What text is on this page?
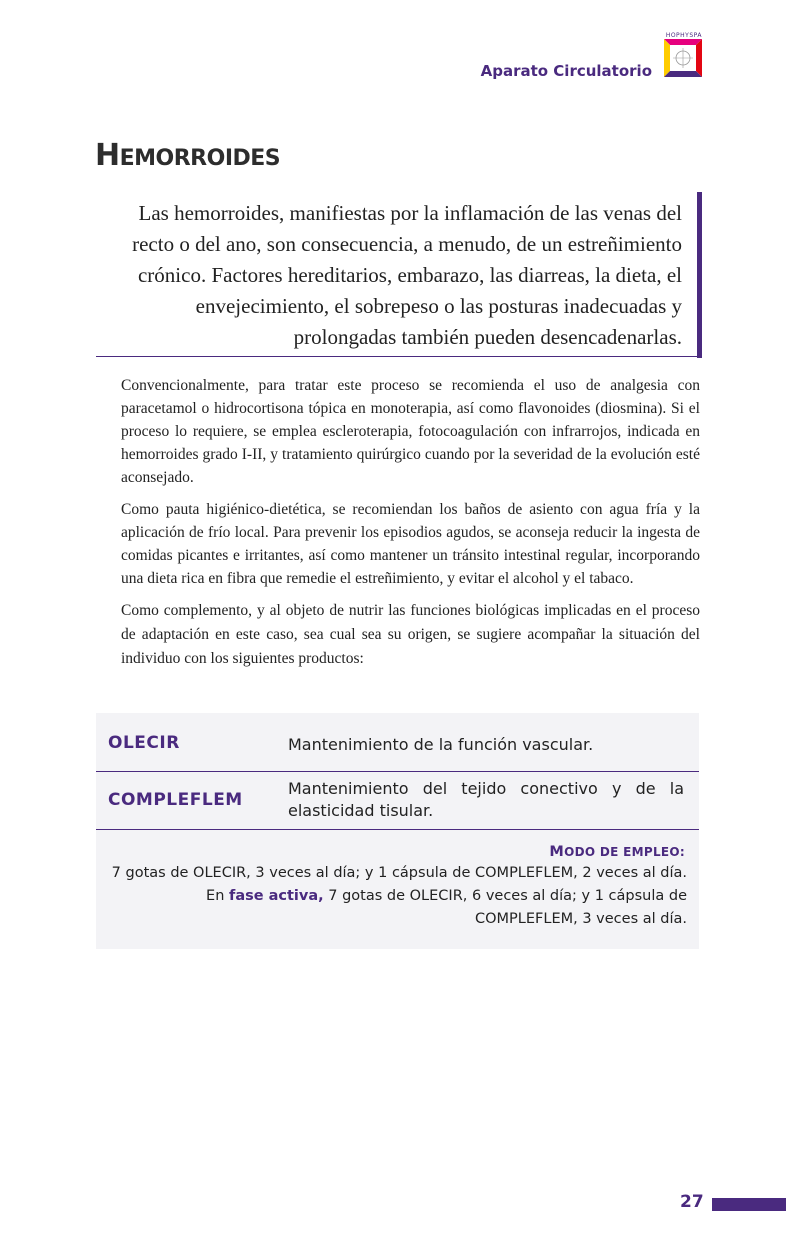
HOPHYSPA
Aparato Circulatorio
HEMORROIDES
Las hemorroides, manifiestas por la inflamación de las venas del recto o del ano, son consecuencia, a menudo, de un estreñimiento crónico. Factores hereditarios, embarazo, las diarreas, la dieta, el envejecimiento, el sobrepeso o las posturas inadecuadas y prolongadas también pueden desencadenarlas.

Convencionalmente, para tratar este proceso se recomienda el uso de analgesia con paracetamol o hidrocortisona tópica en monoterapia, así como flavonoides (diosmina). Si el proceso lo requiere, se emplea escleroterapia, fotocoagulación con infrarrojos, indicada en hemorroides grado I-II, y tratamiento quirúrgico cuando por la severidad de la evolución esté aconsejado.

Como pauta higiénico-dietética, se recomiendan los baños de asiento con agua fría y la aplicación de frío local. Para prevenir los episodios agudos, se aconseja reducir la ingesta de comidas picantes e irritantes, así como mantener un tránsito intestinal regular, incorporando una dieta rica en fibra que remedie el estreñimiento, y evitar el alcohol y el tabaco.

Como complemento, y al objeto de nutrir las funciones biológicas implicadas en el proceso de adaptación en este caso, sea cual sea su origen, se sugiere acompañar la situación del individuo con los siguientes productos:

OLECIR	Mantenimiento de la función vascular.
COMPLEFLEM
Mantenimiento del tejido conectivo y de la elasticidad tisular.
MODO DE EMPLEO:
7 gotas de OLECIR, 3 veces al día; y 1 cápsula de COMPLEFLEM, 2 veces al día.
En fase activa, 7 gotas de OLECIR, 6 veces al día; y 1 cápsula de COMPLEFLEM, 3 veces al día.
27
